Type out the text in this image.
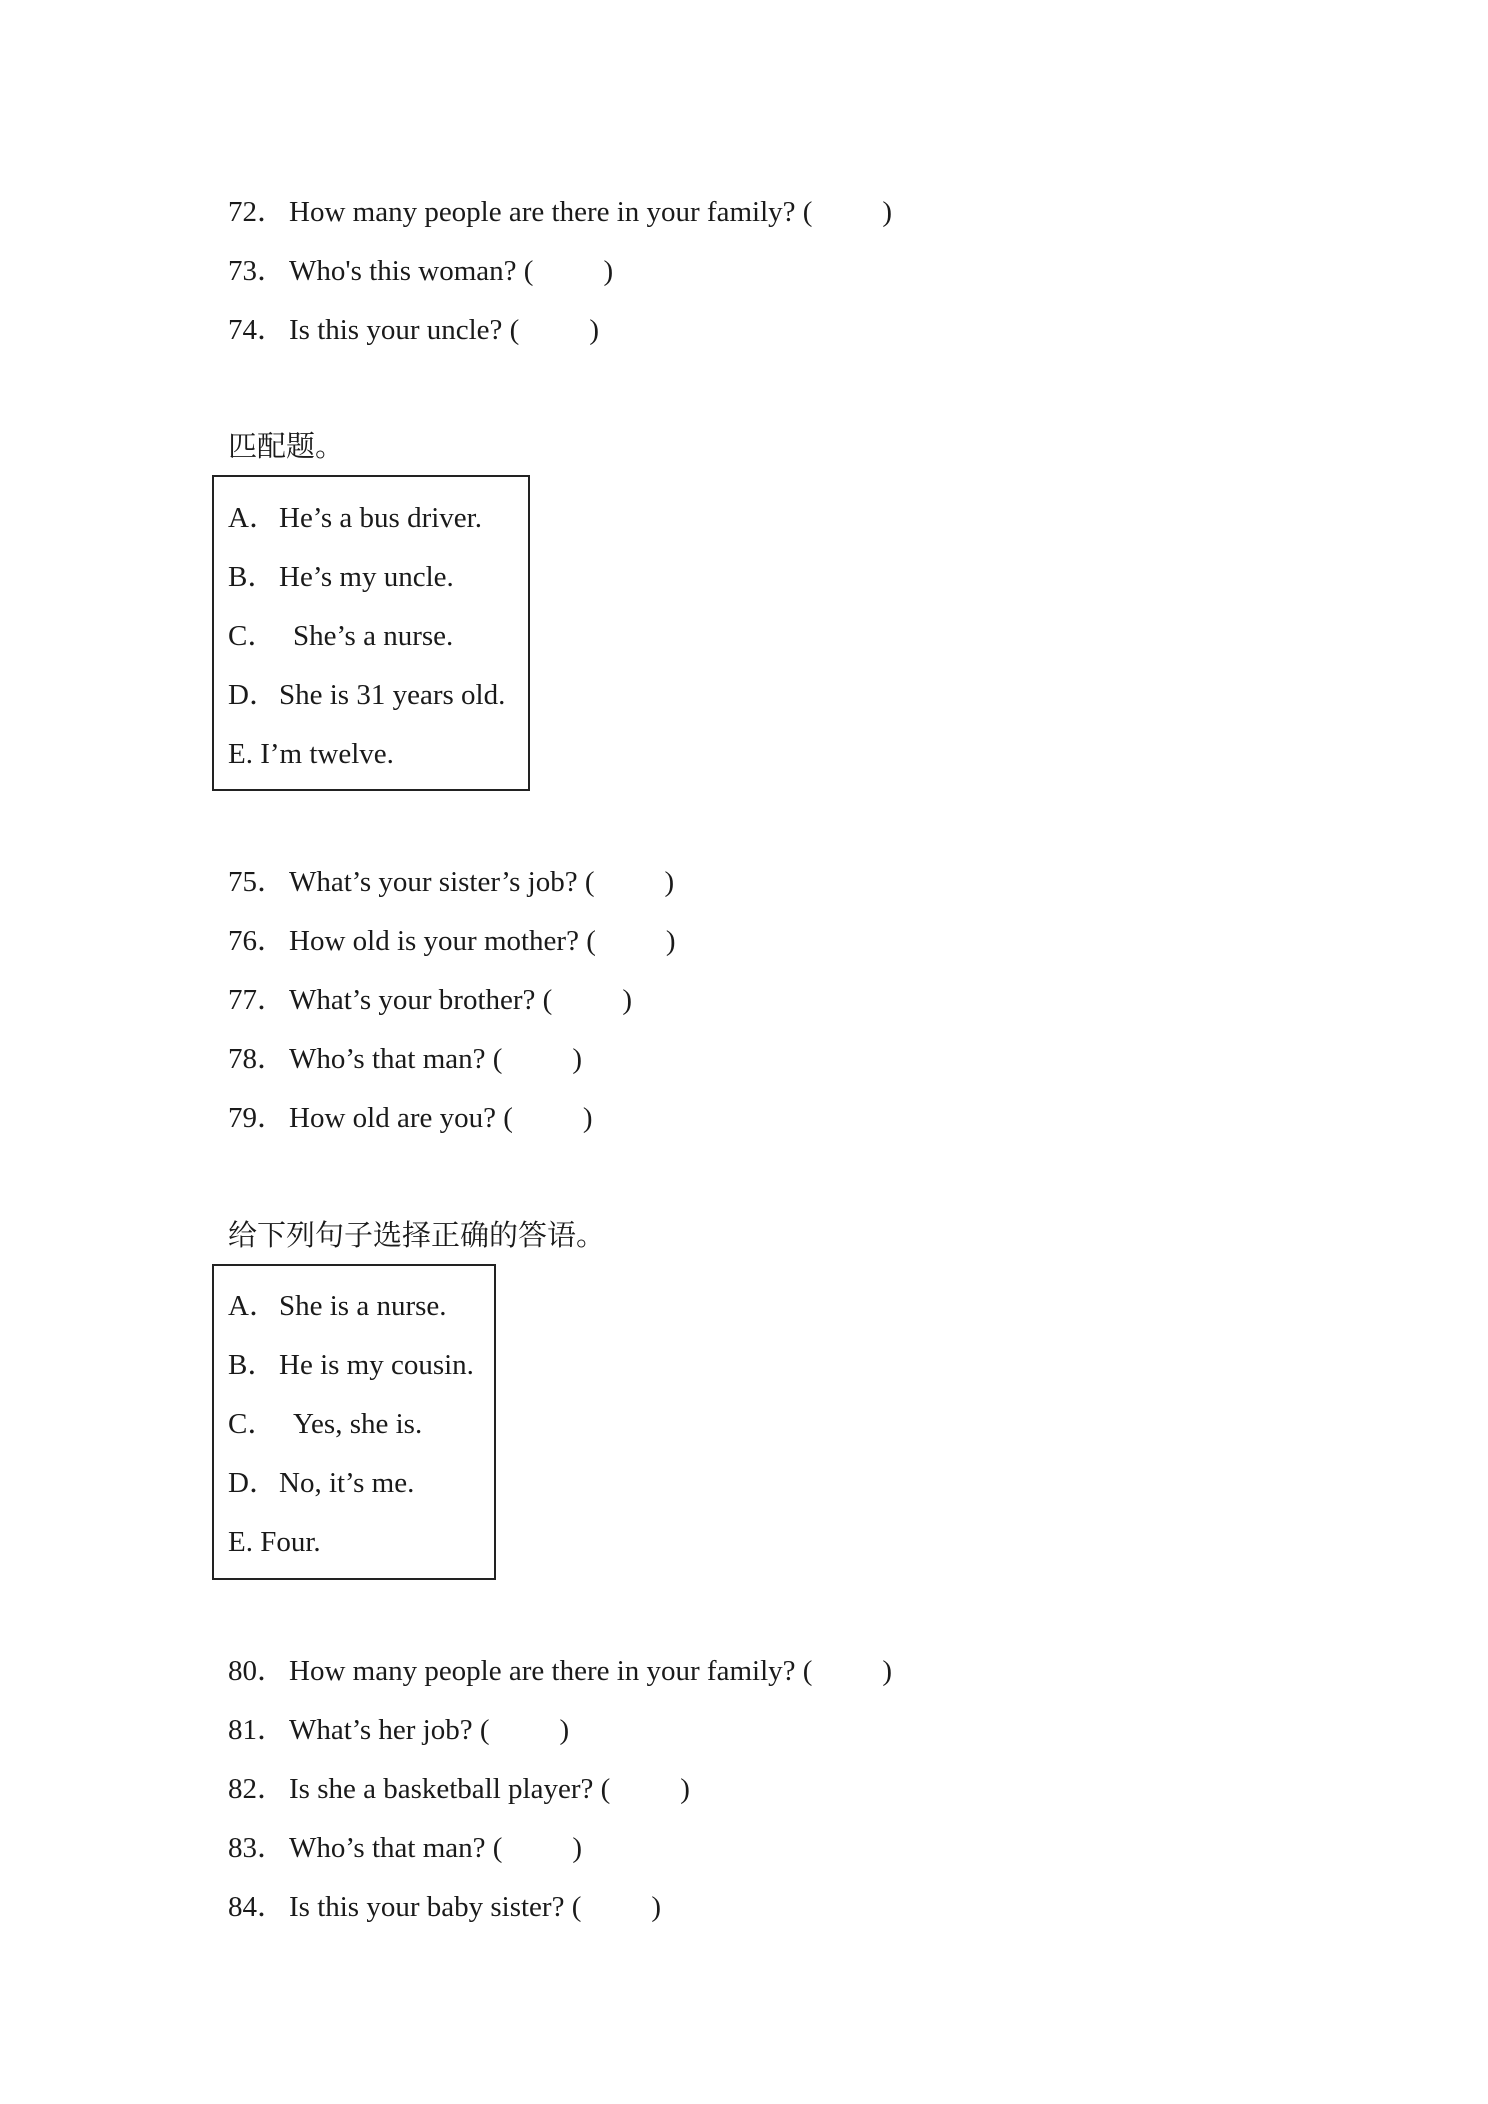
72． How many people are there in your family? ( )
73． Who's this woman? ( )
74． Is this your uncle? ( )
匹配题。
A．He’s a bus driver.
B．He’s my uncle.
C． She’s a nurse.
D．She is 31 years old.
E. I’m twelve.
75． What’s your sister’s job? ( )
76． How old is your mother? ( )
77． What’s your brother? ( )
78． Who’s that man? ( )
79． How old are you? ( )
给下列句子选择正确的答语。
A．She is a nurse.
B．He is my cousin.
C． Yes, she is.
D．No, it’s me.
E. Four.
80． How many people are there in your family? ( )
81． What’s her job? ( )
82． Is she a basketball player? ( )
83． Who’s that man? ( )
84． Is this your baby sister? ( )
